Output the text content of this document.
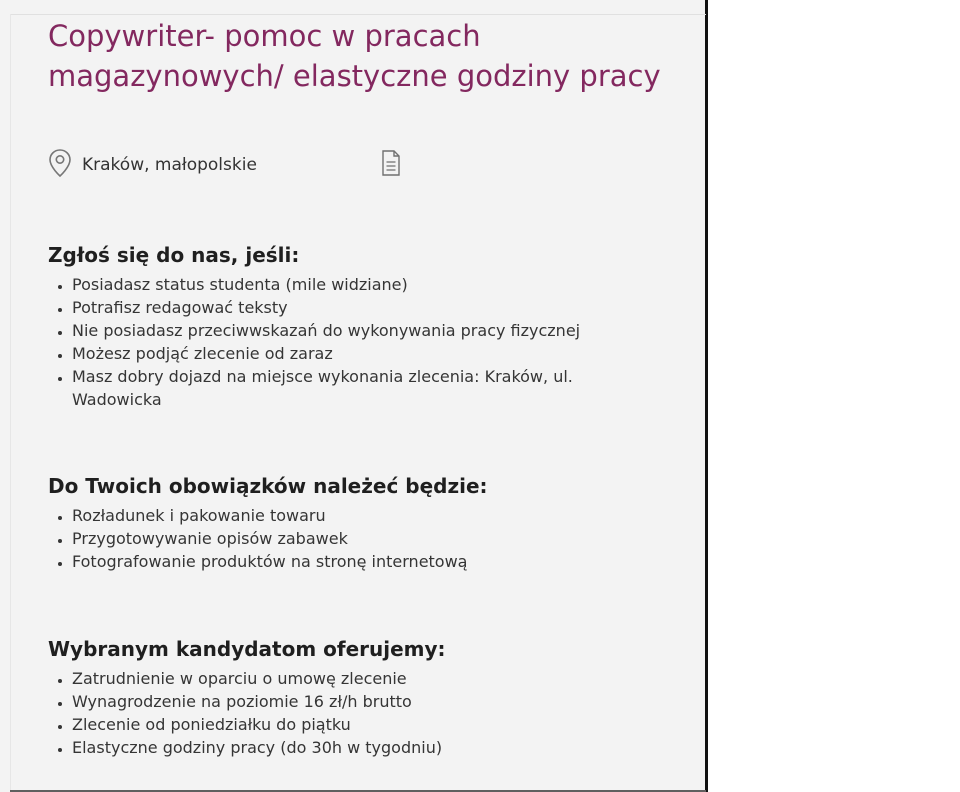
Copywriter- pomoc w pracach magazynowych/ elastyczne godziny pracy
Kraków, małopolskie
Zgłoś się do nas, jeśli:
• Posiadasz status studenta (mile widziane)
• Potrafisz redagować teksty
• Nie posiadasz przeciwwskazań do wykonywania pracy fizycznej
• Możesz podjąć zlecenie od zaraz
• Masz dobry dojazd na miejsce wykonania zlecenia: Kraków, ul. Wadowicka
Do Twoich obowiązków należeć będzie:
• Rozładunek i pakowanie towaru
• Przygotowywanie opisów zabawek
• Fotografowanie produktów na stronę internetową
Wybranym kandydatom oferujemy:
• Zatrudnienie w oparciu o umowę zlecenie
• Wynagrodzenie na poziomie 16 zł/h brutto
• Zlecenie od poniedziałku do piątku
• Elastyczne godziny pracy (do 30h w tygodniu)
